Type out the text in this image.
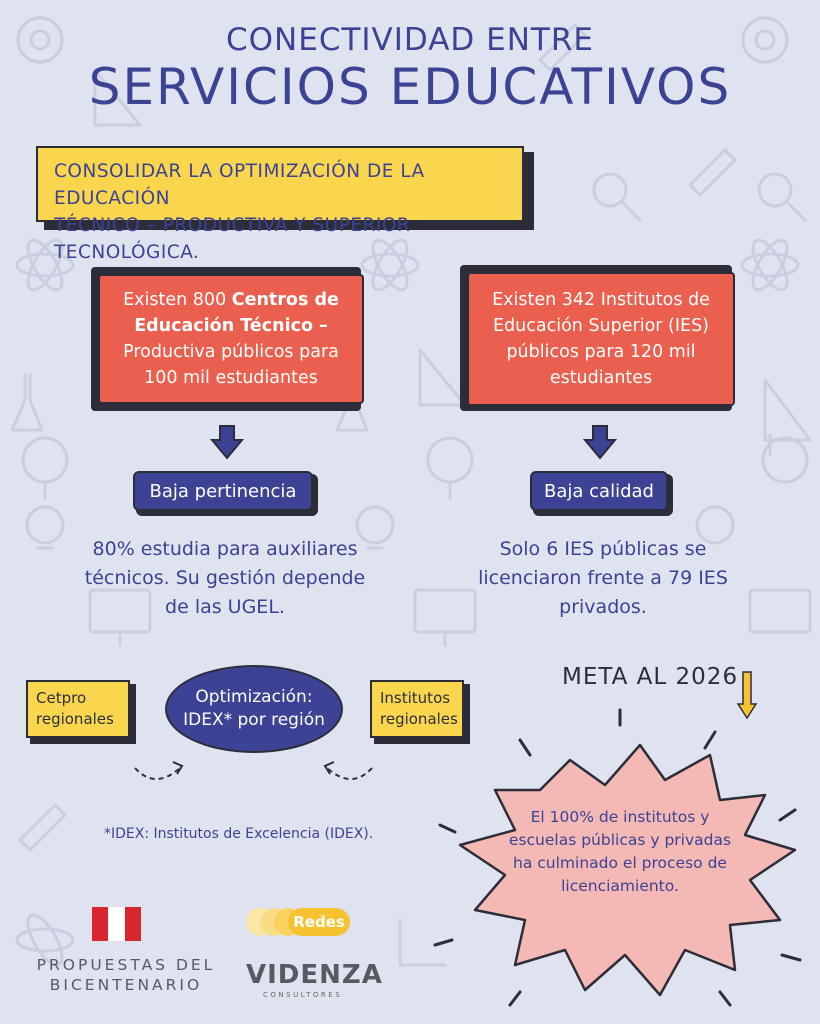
CONECTIVIDAD ENTRE
SERVICIOS EDUCATIVOS
CONSOLIDAR LA OPTIMIZACIÓN DE LA EDUCACIÓN
TÉCNICO – PRODUCTIVA Y SUPERIOR TECNOLÓGICA.
Existen 800 Centros de Educación Técnico – Productiva públicos para 100 mil estudiantes
Existen 342 Institutos de Educación Superior (IES) públicos para 120 mil estudiantes
Baja pertinencia	Baja calidad
80% estudia para auxiliares técnicos. Su gestión depende de las UGEL.
Solo 6 IES públicas se licenciaron frente a 79 IES privados.
Cetpro regionales
Institutos regionales
Optimización:
IDEX* por región
*IDEX: Institutos de Excelencia (IDEX).
META AL 2026
El 100% de institutos y escuelas públicas y privadas ha culminado el proceso de licenciamiento.
PROPUESTAS DEL BICENTENARIO
Redes
VIDENZA
CONSULTORES
